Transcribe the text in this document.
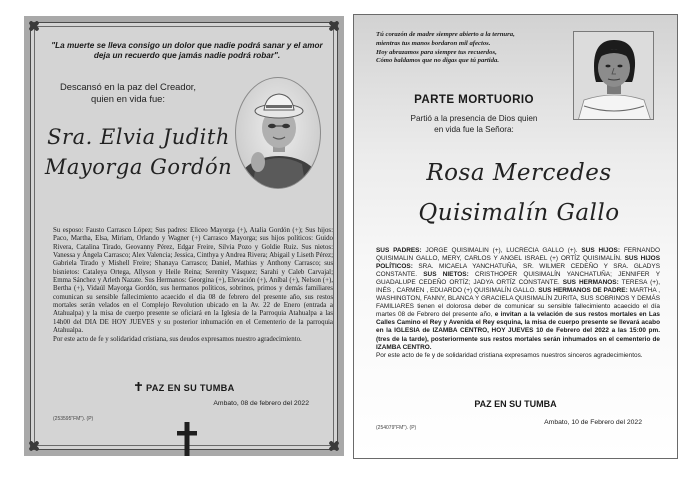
"La muerte se lleva consigo un dolor que nadie podrá sanar y el amor deja un recuerdo que jamás nadie podrá robar".

Descansó en la paz del Creador,
quien en vida fue:
Sra. Elvia Judith
Mayorga Gordón

Su esposo: Fausto Carrasco López; Sus padres: Eliceo Mayorga (+), Atalia Gordón (+); Sus hijos: Paco, Martha, Elsa, Miriam, Orlando y Wagner (+) Carrasco Mayorga; sus hijos políticos: Guido Rivera, Catalina Tirado, Geovanny Pérez, Edgar Freire, Silvia Pozo y Goldie Ruiz. Sus nietos: Vanessa y Ángela Carrasco; Alex Valencia; Jessica, Cinthya y Andrea Rivera; Abigail y Liseth Pérez; Gabriela Tirado y Mishell Freire; Shanaya Carrasco; Daniel, Mathias y Anthony Carrasco; sus bisnietos: Cataleya Ortega, Allyson y Heile Reina; Serenity Vásquez; Sarahi y Caleb Carvajal; Emma Sánchez y Arleth Nazate. Sus Hermanos: Georgina (+), Elevación (+), Aníbal (+), Nelson (+), Bertha (+), Vidaúl Mayorga Gordón, sus hermanos políticos, sobrinos, primos y demás familiares comunican su sensible fallecimiento acaecido el día 08 de febrero del presente año, sus restos mortales serán velados en el Complejo Revolution ubicado en la Av. 22 de Enero (entrada a Atahualpa) y la misa de cuerpo presente se oficiará en la Iglesia de la Parroquia Atahualpa a las 14h00 del DIA DE HOY JUEVES y su posterior inhumación en el Cementerio de la parroquia Atahualpa.

Por este acto de fe y solidaridad cristiana, sus deudos expresamos nuestro agradecimiento.

PAZ EN SU TUMBA
Ambato, 08 de febrero del 2022
(253595"FM"). (P)
Tú corazón de madre siempre abierto a la ternura,
mientras tus manos bordaron mil afectos.
Hoy abrazamos para siempre tus recuerdos,
Cómo baldamos que no digas que tú partida.
PARTE MORTUORIO
Partió a la presencia de Dios quien
en vida fue la Señora:
Rosa Mercedes
Quisimalín Gallo

SUS PADRES: JORGE QUISIMALIN (+), LUCRECIA GALLO (+). SUS HIJOS: FERNANDO QUISIMALIN GALLO, MERY, CARLOS Y ANGEL ISRAEL (+) ORTÍZ QUISIMALÍN. SUS HIJOS POLÍTICOS: SRA. MICAELA YANCHATUÑA, SR. WILMER CEDEÑO Y SRA. GLADYS CONSTANTE. SUS NIETOS: CRISTHOPER QUISIMALÍN YANCHATUÑA; JENNIFER Y GUADALUPE CEDEÑO ORTÍZ; JADYA ORTÍZ CONSTANTE. SUS HERMANOS: TERESA (+), INÉS , CARMEN , EDUARDO (+) QUISIMALÍN GALLO. SUS HERMANOS DE PADRE: MARTHA , WASHINGTON, FANNY, BLANCA Y GRACIELA QUISIMALÍN ZURITA, SUS SOBRINOS Y DEMÁS FAMILIARES tienen el dolorosa deber de comunicar su sensible fallecimiento acaecido el día martes 08 de Febrero del presente año, e invitan a la velación de sus restos mortales en Las Calles Camino el Rey y Avenida el Rey esquina, la misa de cuerpo presente se llevará acabo en la IGLESIA de IZAMBA CENTRO, HOY JUEVES 10 de Febrero del 2022 a las 15:00 pm. (tres de la tarde), posteriormente sus restos mortales serán inhumados en el cementerio de IZAMBA CENTRO.

Por este acto de fe y de solidaridad cristiana expresamos nuestros sinceros agradecimientos.

PAZ EN SU TUMBA
Ambato, 10 de Febrero del 2022
(254079"FM"). (P)
